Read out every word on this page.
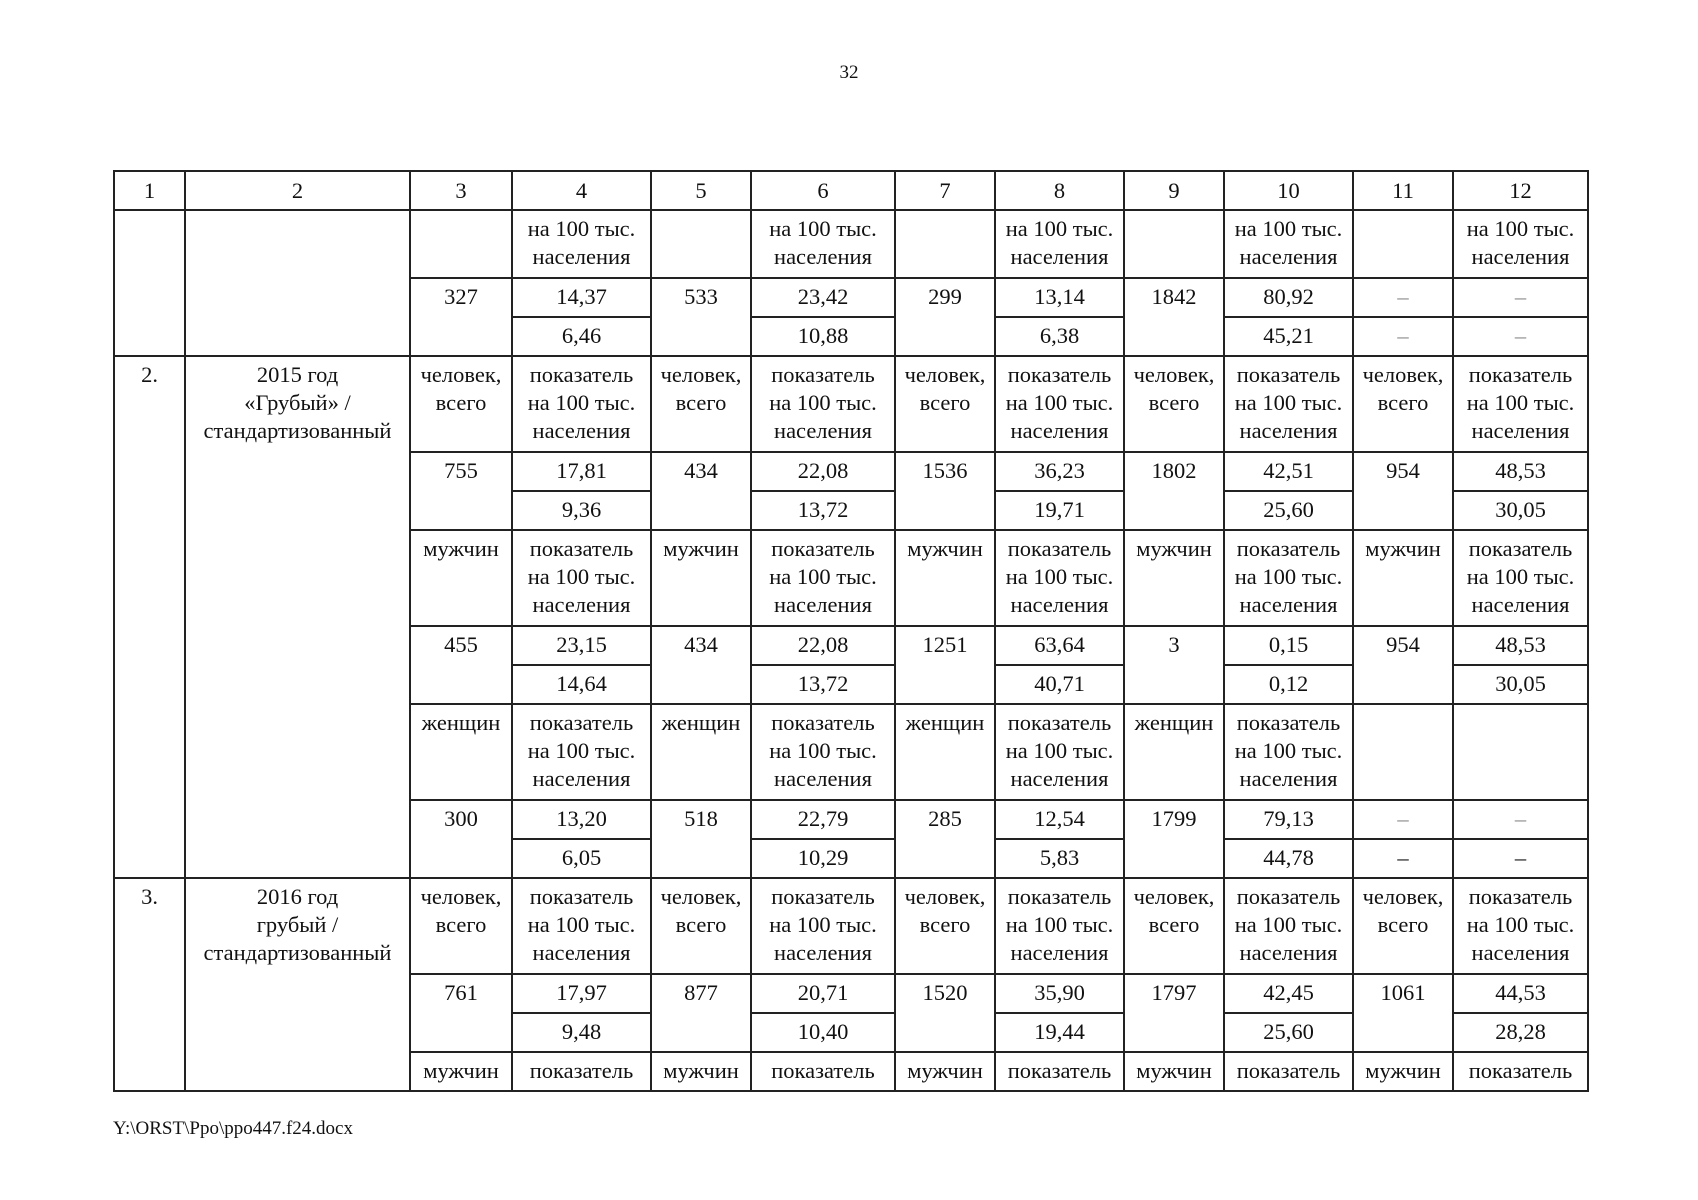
32
1	2	3	4	5	6	7	8	9	10	11	12
			на 100 тыс.
населения		на 100 тыс.
населения		на 100 тыс.
населения		на 100 тыс.
населения		на 100 тыс.
населения
		327	14,37	533	23,42	299	13,14	1842	80,92	–	–
			6,46		10,88		6,38		45,21	–	–
2.	2015 год
«Грубый» /
стандартизованный	человек,
всего	показатель
на 100 тыс.
населения	человек,
всего	показатель
на 100 тыс.
населения	человек,
всего	показатель
на 100 тыс.
населения	человек,
всего	показатель
на 100 тыс.
населения	человек,
всего	показатель
на 100 тыс.
населения
		755	17,81	434	22,08	1536	36,23	1802	42,51	954	48,53
			9,36		13,72		19,71		25,60		30,05
		мужчин	показатель
на 100 тыс.
населения	мужчин	показатель
на 100 тыс.
населения	мужчин	показатель
на 100 тыс.
населения	мужчин	показатель
на 100 тыс.
населения	мужчин	показатель
на 100 тыс.
населения
		455	23,15	434	22,08	1251	63,64	3	0,15	954	48,53
			14,64		13,72		40,71		0,12		30,05
		женщин	показатель
на 100 тыс.
населения	женщин	показатель
на 100 тыс.
населения	женщин	показатель
на 100 тыс.
населения	женщин	показатель
на 100 тыс.
населения		
		300	13,20	518	22,79	285	12,54	1799	79,13	–	–
			6,05		10,29		5,83		44,78	–	–
3.	2016 год
грубый /
стандартизованный	человек,
всего	показатель
на 100 тыс.
населения	человек,
всего	показатель
на 100 тыс.
населения	человек,
всего	показатель
на 100 тыс.
населения	человек,
всего	показатель
на 100 тыс.
населения	человек,
всего	показатель
на 100 тыс.
населения
		761	17,97	877	20,71	1520	35,90	1797	42,45	1061	44,53
			9,48		10,40		19,44		25,60		28,28
		мужчин	показатель	мужчин	показатель	мужчин	показатель	мужчин	показатель	мужчин	показатель
Y:\ORST\Ppo\ppo447.f24.docx
